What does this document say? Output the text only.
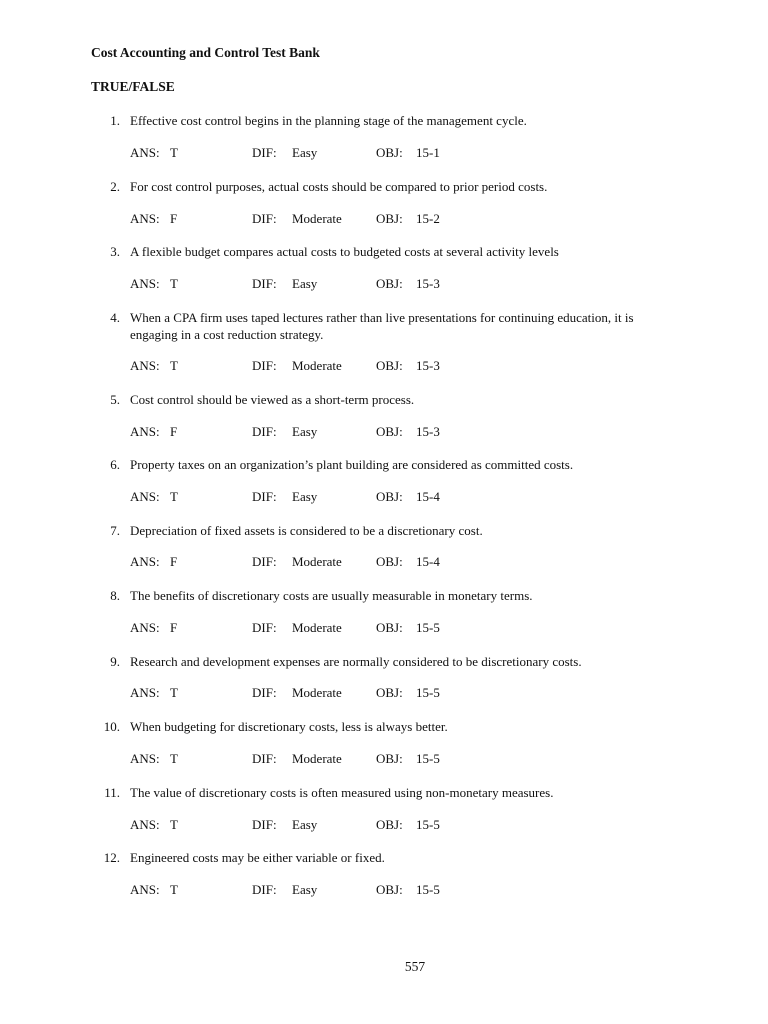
Cost Accounting and Control Test Bank
TRUE/FALSE
1. Effective cost control begins in the planning stage of the management cycle.
ANS: T	DIF: Easy	OBJ: 15-1
2. For cost control purposes, actual costs should be compared to prior period costs.
ANS: F	DIF: Moderate	OBJ: 15-2
3. A flexible budget compares actual costs to budgeted costs at several activity levels
ANS: T	DIF: Easy	OBJ: 15-3
4. When a CPA firm uses taped lectures rather than live presentations for continuing education, it is engaging in a cost reduction strategy.
ANS: T	DIF: Moderate	OBJ: 15-3
5. Cost control should be viewed as a short-term process.
ANS: F	DIF: Easy	OBJ: 15-3
6. Property taxes on an organization’s plant building are considered as committed costs.
ANS: T	DIF: Easy	OBJ: 15-4
7. Depreciation of fixed assets is considered to be a discretionary cost.
ANS: F	DIF: Moderate	OBJ: 15-4
8. The benefits of discretionary costs are usually measurable in monetary terms.
ANS: F	DIF: Moderate	OBJ: 15-5
9. Research and development expenses are normally considered to be discretionary costs.
ANS: T	DIF: Moderate	OBJ: 15-5
10. When budgeting for discretionary costs, less is always better.
ANS: T	DIF: Moderate	OBJ: 15-5
11. The value of discretionary costs is often measured using non-monetary measures.
ANS: T	DIF: Easy	OBJ: 15-5
12. Engineered costs may be either variable or fixed.
ANS: T	DIF: Easy	OBJ: 15-5
557
